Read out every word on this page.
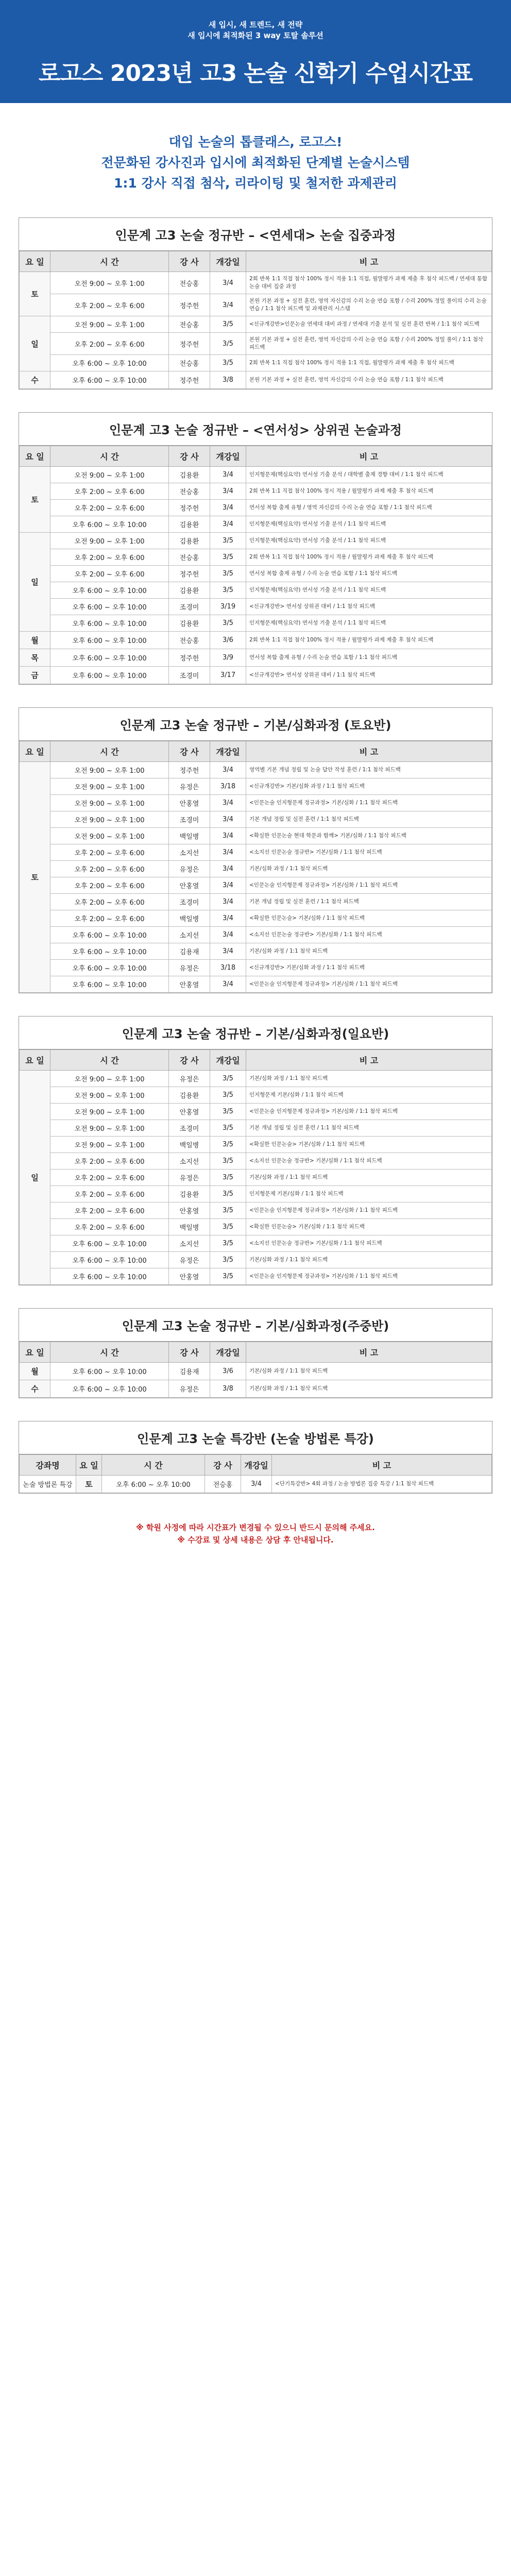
새 입시, 새 트렌드, 새 전략
새 입시에 최적화된 3 way 토탈 솔루션
로고스 2023년 고3 논술 신학기 수업시간표
대입 논술의 톱클래스, 로고스!
전문화된 강사진과 입시에 최적화된 단계별 논술시스템
1:1 강사 직접 첨삭, 리라이팅 및 철저한 과제관리
인문계 고3 논술 정규반 – <연세대> 논술 집중과정
요 일	시 간	강 사	개강일	비 고
토	오전 9:00 ~ 오후 1:00	전승홍	3/4	2회 반복 1:1 직접 첨삭 100% 정시 적용 1:1 직접, 월말평가 과제 제출 후 첨삭 피드백 / 연세대 통합 논술 대비 집중 과정
	오후 2:00 ~ 오후 6:00	정주헌	3/4	본원 기본 과정 + 실전 훈련, 영역 자신감의 수리 논술 연습 포함 / 수리 200% 정밀 풀이의 수리 논술 연습 / 1:1 첨삭 피드백 및 과제관리 시스템
일	오전 9:00 ~ 오후 1:00	전승홍	3/5	<신규개강반>인문논술 연세대 대비 과정 / 연세대 기출 분석 및 실전 훈련 반복 / 1:1 첨삭 피드백
	오후 2:00 ~ 오후 6:00	정주헌	3/5	본원 기본 과정 + 실전 훈련, 영역 자신감의 수리 논술 연습 포함 / 수리 200% 정밀 풀이 / 1:1 첨삭 피드백
	오후 6:00 ~ 오후 10:00	전승홍	3/5	2회 반복 1:1 직접 첨삭 100% 정시 적용 1:1 직접, 월말평가 과제 제출 후 첨삭 피드백
수	오후 6:00 ~ 오후 10:00	정주헌	3/8	본원 기본 과정 + 실전 훈련, 영역 자신감의 수리 논술 연습 포함 / 1:1 첨삭 피드백
인문계 고3 논술 정규반 – <연서성> 상위권 논술과정
요 일	시 간	강 사	개강일	비 고
토	오전 9:00 ~ 오후 1:00	김용환	3/4	인지형문제(핵심요약) 연서성 기출 분석 / 대학별 출제 경향 대비 / 1:1 첨삭 피드백
	오후 2:00 ~ 오후 6:00	전승홍	3/4	2회 반복 1:1 직접 첨삭 100% 정시 적용 / 월말평가 과제 제출 후 첨삭 피드백
	오후 2:00 ~ 오후 6:00	정주헌	3/4	연서성 복합 출제 유형 / 영역 자신감의 수리 논술 연습 포함 / 1:1 첨삭 피드백
	오후 6:00 ~ 오후 10:00	김용환	3/4	인지형문제(핵심요약) 연서성 기출 분석 / 1:1 첨삭 피드백
일	오전 9:00 ~ 오후 1:00	김용환	3/5	인지형문제(핵심요약) 연서성 기출 분석 / 1:1 첨삭 피드백
	오후 2:00 ~ 오후 6:00	전승홍	3/5	2회 반복 1:1 직접 첨삭 100% 정시 적용 / 월말평가 과제 제출 후 첨삭 피드백
	오후 2:00 ~ 오후 6:00	정주헌	3/5	연서성 복합 출제 유형 / 수리 논술 연습 포함 / 1:1 첨삭 피드백
	오후 6:00 ~ 오후 10:00	김용환	3/5	인지형문제(핵심요약) 연서성 기출 분석 / 1:1 첨삭 피드백
	오후 6:00 ~ 오후 10:00	조경미	3/19	<신규개강반> 연서성 상위권 대비 / 1:1 첨삭 피드백
	오후 6:00 ~ 오후 10:00	김용환	3/5	인지형문제(핵심요약) 연서성 기출 분석 / 1:1 첨삭 피드백
월	오후 6:00 ~ 오후 10:00	전승홍	3/6	2회 반복 1:1 직접 첨삭 100% 정시 적용 / 월말평가 과제 제출 후 첨삭 피드백
목	오후 6:00 ~ 오후 10:00	정주헌	3/9	연서성 복합 출제 유형 / 수리 논술 연습 포함 / 1:1 첨삭 피드백
금	오후 6:00 ~ 오후 10:00	조경미	3/17	<신규개강반> 연서성 상위권 대비 / 1:1 첨삭 피드백
인문계 고3 논술 정규반 – 기본/심화과정 (토요반)
요 일	시 간	강 사	개강일	비 고
토	오전 9:00 ~ 오후 1:00	정주헌	3/4	영역별 기본 개념 정립 및 논술 답안 작성 훈련 / 1:1 첨삭 피드백
	오전 9:00 ~ 오후 1:00	유정은	3/18	<신규개강반> 기본/심화 과정 / 1:1 첨삭 피드백
	오전 9:00 ~ 오후 1:00	안홍열	3/4	<인문논술 인지형문제 정규과정> 기본/심화 / 1:1 첨삭 피드백
	오전 9:00 ~ 오후 1:00	조경미	3/4	기본 개념 정립 및 실전 훈련 / 1:1 첨삭 피드백
	오전 9:00 ~ 오후 1:00	백일병	3/4	<확실한 인문논술 현대 학문과 함께> 기본/심화 / 1:1 첨삭 피드백
	오후 2:00 ~ 오후 6:00	소지선	3/4	<소지선 인문논술 정규반> 기본/심화 / 1:1 첨삭 피드백
	오후 2:00 ~ 오후 6:00	유정은	3/4	기본/심화 과정 / 1:1 첨삭 피드백
	오후 2:00 ~ 오후 6:00	안홍열	3/4	<인문논술 인지형문제 정규과정> 기본/심화 / 1:1 첨삭 피드백
	오후 2:00 ~ 오후 6:00	조경미	3/4	기본 개념 정립 및 실전 훈련 / 1:1 첨삭 피드백
	오후 2:00 ~ 오후 6:00	백일병	3/4	<확실한 인문논술> 기본/심화 / 1:1 첨삭 피드백
	오후 6:00 ~ 오후 10:00	소지선	3/4	<소지선 인문논술 정규반> 기본/심화 / 1:1 첨삭 피드백
	오후 6:00 ~ 오후 10:00	김용재	3/4	기본/심화 과정 / 1:1 첨삭 피드백
	오후 6:00 ~ 오후 10:00	유정은	3/18	<신규개강반> 기본/심화 과정 / 1:1 첨삭 피드백
	오후 6:00 ~ 오후 10:00	안홍열	3/4	<인문논술 인지형문제 정규과정> 기본/심화 / 1:1 첨삭 피드백
인문계 고3 논술 정규반 – 기본/심화과정(일요반)
요 일	시 간	강 사	개강일	비 고
일	오전 9:00 ~ 오후 1:00	유정은	3/5	기본/심화 과정 / 1:1 첨삭 피드백
	오전 9:00 ~ 오후 1:00	김용환	3/5	인지형문제 기본/심화 / 1:1 첨삭 피드백
	오전 9:00 ~ 오후 1:00	안홍열	3/5	<인문논술 인지형문제 정규과정> 기본/심화 / 1:1 첨삭 피드백
	오전 9:00 ~ 오후 1:00	조경미	3/5	기본 개념 정립 및 실전 훈련 / 1:1 첨삭 피드백
	오전 9:00 ~ 오후 1:00	백일병	3/5	<확실한 인문논술> 기본/심화 / 1:1 첨삭 피드백
	오후 2:00 ~ 오후 6:00	소지선	3/5	<소지선 인문논술 정규반> 기본/심화 / 1:1 첨삭 피드백
	오후 2:00 ~ 오후 6:00	유정은	3/5	기본/심화 과정 / 1:1 첨삭 피드백
	오후 2:00 ~ 오후 6:00	김용환	3/5	인지형문제 기본/심화 / 1:1 첨삭 피드백
	오후 2:00 ~ 오후 6:00	안홍열	3/5	<인문논술 인지형문제 정규과정> 기본/심화 / 1:1 첨삭 피드백
	오후 2:00 ~ 오후 6:00	백일병	3/5	<확실한 인문논술> 기본/심화 / 1:1 첨삭 피드백
	오후 6:00 ~ 오후 10:00	소지선	3/5	<소지선 인문논술 정규반> 기본/심화 / 1:1 첨삭 피드백
	오후 6:00 ~ 오후 10:00	유정은	3/5	기본/심화 과정 / 1:1 첨삭 피드백
	오후 6:00 ~ 오후 10:00	안홍열	3/5	<인문논술 인지형문제 정규과정> 기본/심화 / 1:1 첨삭 피드백
인문계 고3 논술 정규반 – 기본/심화과정(주중반)
요 일	시 간	강 사	개강일	비 고
월	오후 6:00 ~ 오후 10:00	김용재	3/6	기본/심화 과정 / 1:1 첨삭 피드백
수	오후 6:00 ~ 오후 10:00	유정은	3/8	기본/심화 과정 / 1:1 첨삭 피드백
인문계 고3 논술 특강반 (논술 방법론 특강)
강좌명	요 일	시 간	강 사	개강일	비 고
논술 방법론 특강	토	오후 6:00 ~ 오후 10:00	전승홍	3/4	<단기특강반> 4회 과정 / 논술 방법론 집중 특강 / 1:1 첨삭 피드백
※ 학원 사정에 따라 시간표가 변경될 수 있으니 반드시 문의해 주세요.
※ 수강료 및 상세 내용은 상담 후 안내됩니다.
